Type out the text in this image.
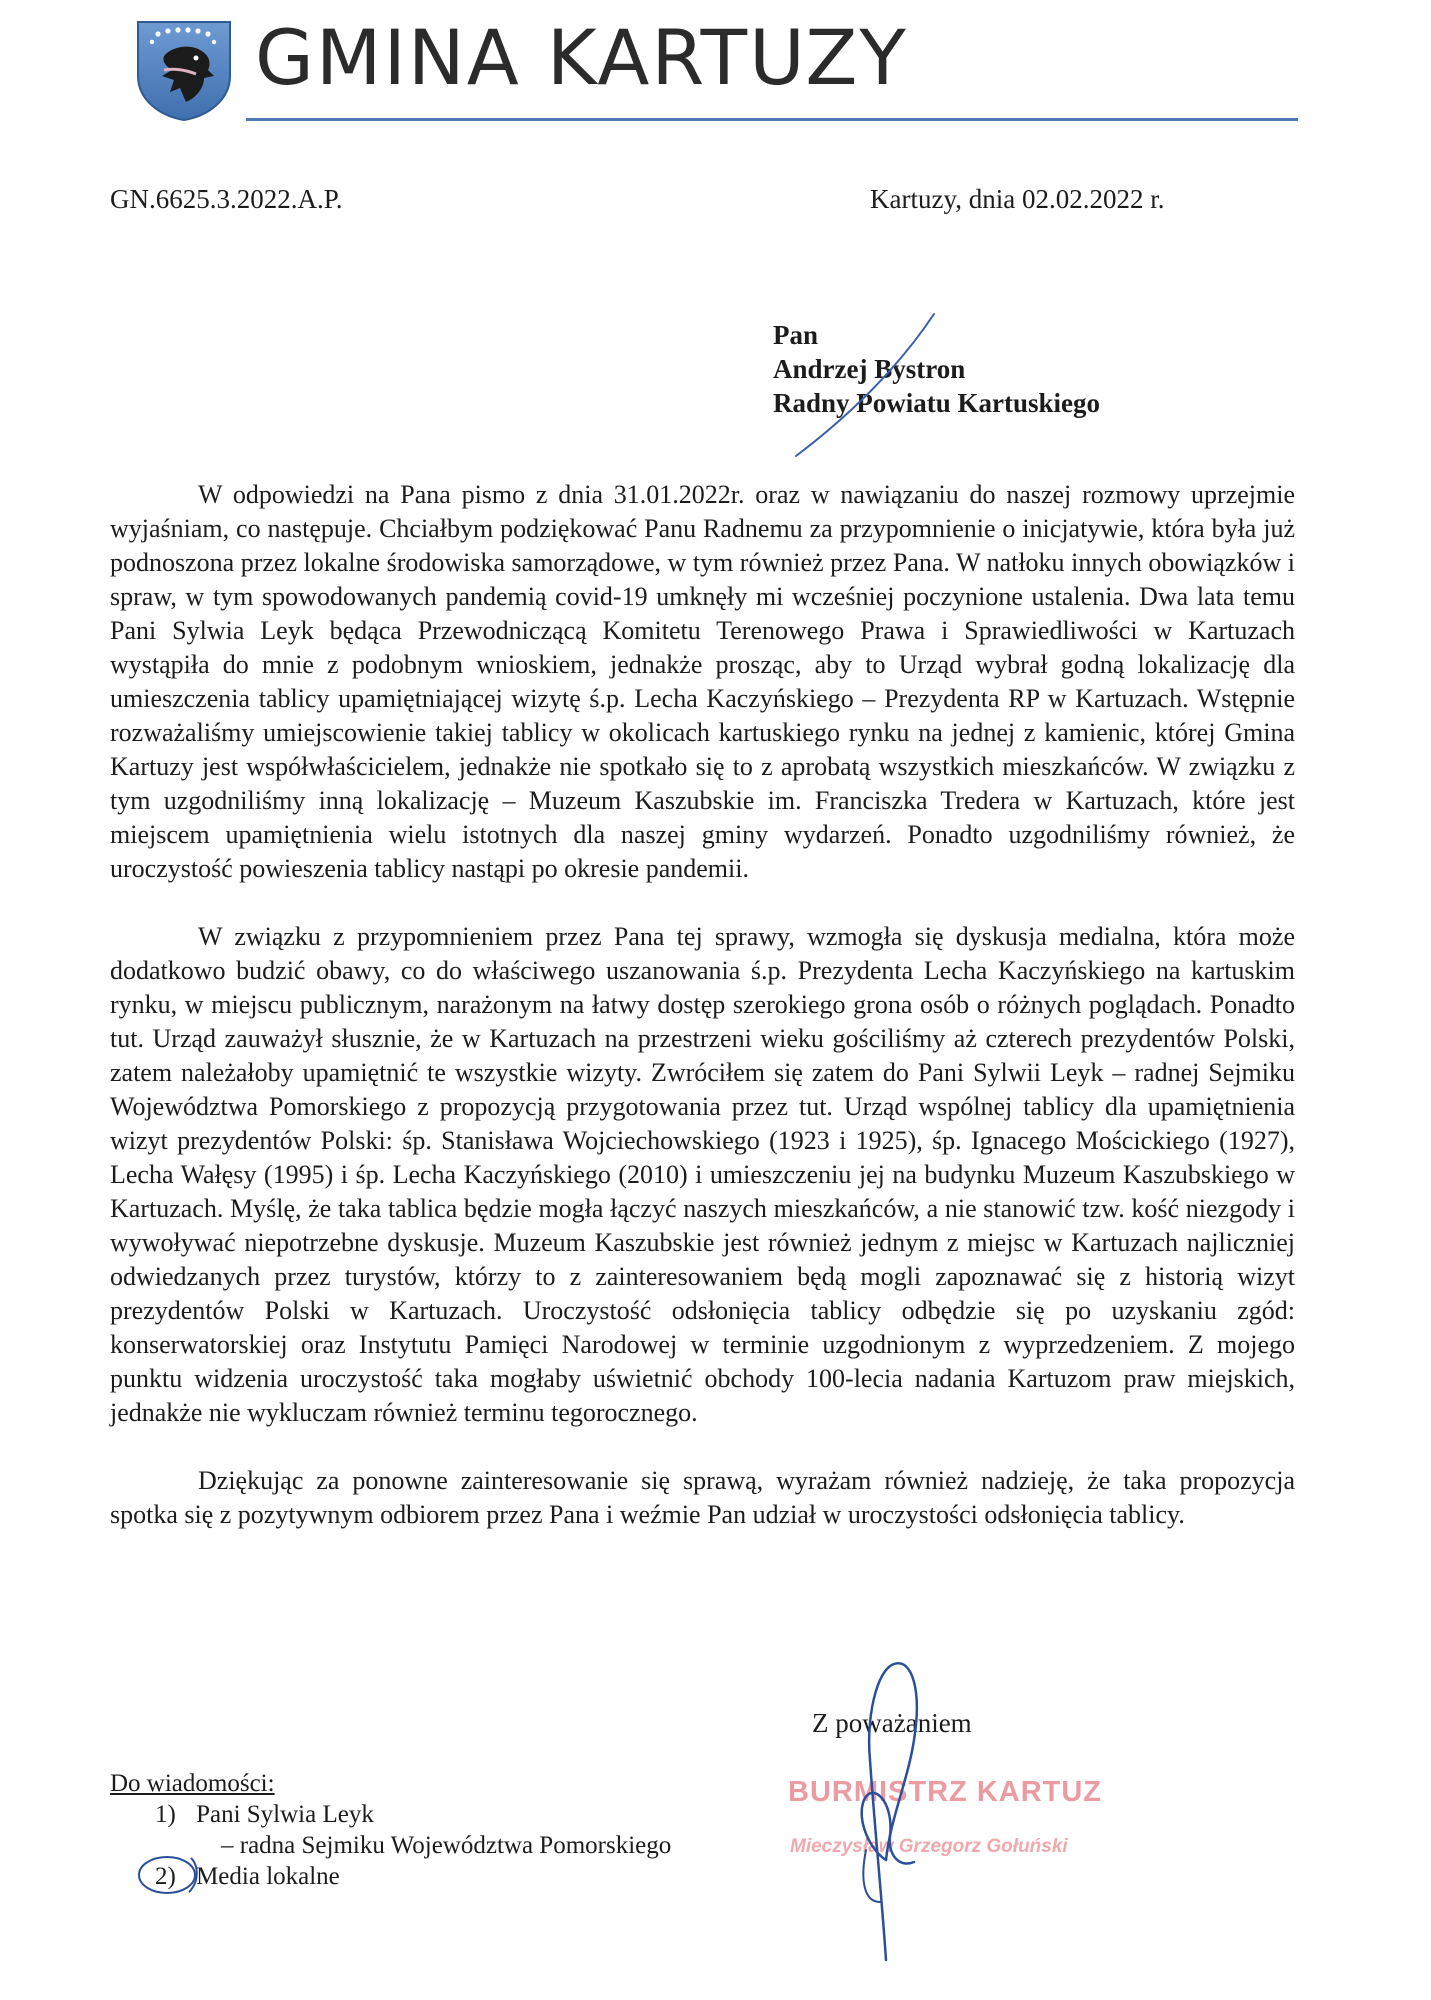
GMINA KARTUZY
GN.6625.3.2022.A.P.	Kartuzy, dnia 02.02.2022 r.
Pan
Andrzej Bystron
Radny Powiatu Kartuskiego

W odpowiedzi na Pana pismo z dnia 31.01.2022r. oraz w nawiązaniu do naszej rozmowy uprzejmie wyjaśniam, co następuje. Chciałbym podziękować Panu Radnemu za przypomnienie o inicjatywie, która była już podnoszona przez lokalne środowiska samorządowe, w tym również przez Pana. W natłoku innych obowiązków i spraw, w tym spowodowanych pandemią covid-19 umknęły mi wcześniej poczynione ustalenia. Dwa lata temu Pani Sylwia Leyk będąca Przewodniczącą Komitetu Terenowego Prawa i Sprawiedliwości w Kartuzach wystąpiła do mnie z podobnym wnioskiem, jednakże prosząc, aby to Urząd wybrał godną lokalizację dla umieszczenia tablicy upamiętniającej wizytę ś.p. Lecha Kaczyńskiego – Prezydenta RP w Kartuzach. Wstępnie rozważaliśmy umiejscowienie takiej tablicy w okolicach kartuskiego rynku na jednej z kamienic, której Gmina Kartuzy jest współwłaścicielem, jednakże nie spotkało się to z aprobatą wszystkich mieszkańców. W związku z tym uzgodniliśmy inną lokalizację – Muzeum Kaszubskie im. Franciszka Tredera w Kartuzach, które jest miejscem upamiętnienia wielu istotnych dla naszej gminy wydarzeń. Ponadto uzgodniliśmy również, że uroczystość powieszenia tablicy nastąpi po okresie pandemii.

W związku z przypomnieniem przez Pana tej sprawy, wzmogła się dyskusja medialna, która może dodatkowo budzić obawy, co do właściwego uszanowania ś.p. Prezydenta Lecha Kaczyńskiego na kartuskim rynku, w miejscu publicznym, narażonym na łatwy dostęp szerokiego grona osób o różnych poglądach. Ponadto tut. Urząd zauważył słusznie, że w Kartuzach na przestrzeni wieku gościliśmy aż czterech prezydentów Polski, zatem należałoby upamiętnić te wszystkie wizyty. Zwróciłem się zatem do Pani Sylwii Leyk – radnej Sejmiku Województwa Pomorskiego z propozycją przygotowania przez tut. Urząd wspólnej tablicy dla upamiętnienia wizyt prezydentów Polski: śp. Stanisława Wojciechowskiego (1923 i 1925), śp. Ignacego Mościckiego (1927), Lecha Wałęsy (1995) i śp. Lecha Kaczyńskiego (2010) i umieszczeniu jej na budynku Muzeum Kaszubskiego w Kartuzach. Myślę, że taka tablica będzie mogła łączyć naszych mieszkańców, a nie stanowić tzw. kość niezgody i wywoływać niepotrzebne dyskusje. Muzeum Kaszubskie jest również jednym z miejsc w Kartuzach najliczniej odwiedzanych przez turystów, którzy to z zainteresowaniem będą mogli zapoznawać się z historią wizyt prezydentów Polski w Kartuzach. Uroczystość odsłonięcia tablicy odbędzie się po uzyskaniu zgód: konserwatorskiej oraz Instytutu Pamięci Narodowej w terminie uzgodnionym z wyprzedzeniem. Z mojego punktu widzenia uroczystość taka mogłaby uświetnić obchody 100-lecia nadania Kartuzom praw miejskich, jednakże nie wykluczam również terminu tegorocznego.

Dziękując za ponowne zainteresowanie się sprawą, wyrażam również nadzieję, że taka propozycja spotka się z pozytywnym odbiorem przez Pana i weźmie Pan udział w uroczystości odsłonięcia tablicy.

Z poważaniem
BURMISTRZ KARTUZ
Mieczysław Grzegorz Gołuński
Do wiadomości:
1) Pani Sylwia Leyk
– radna Sejmiku Województwa Pomorskiego
2) Media lokalne
